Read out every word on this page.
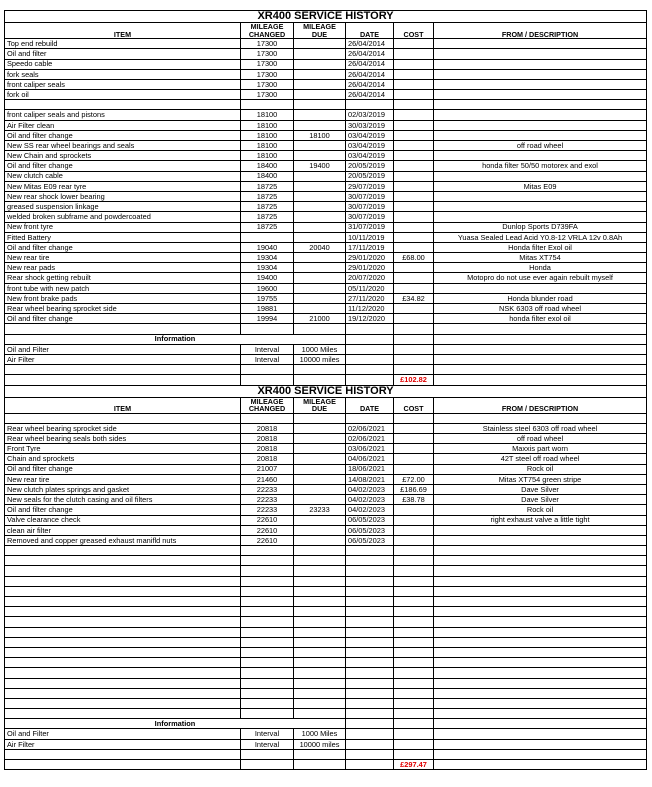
XR400 SERVICE HISTORY					
ITEM	MILEAGE CHANGED	MILEAGE DUE	DATE	COST	FROM / DESCRIPTION
Top end rebuild	17300		26/04/2014		
Oil and filter	17300		26/04/2014		
Speedo cable	17300		26/04/2014		
fork seals	17300		26/04/2014		
front caliper seals	17300		26/04/2014		
fork oil	17300		26/04/2014		

front caliper seals and pistons	18100		02/03/2019		
Air Filter clean	18100		30/03/2019		
Oil and filter change	18100	18100	03/04/2019		
New SS rear wheel bearings and seals	18100		03/04/2019		off road wheel
New Chain and sprockets	18100		03/04/2019		
Oil and filter change	18400	19400	20/05/2019		honda filter 50/50 motorex and exol
New clutch cable	18400		20/05/2019		
New Mitas E09 rear tyre	18725		29/07/2019		Mitas E09
New rear shock lower bearing	18725		30/07/2019		
greased suspension linkage	18725		30/07/2019		
welded broken subframe and powdercoated	18725		30/07/2019		
New front tyre	18725		31/07/2019		Dunlop Sports D739FA
Fitted Battery			10/11/2019		Yuasa Sealed Lead Acid Y0.8-12 VRLA 12v 0.8Ah
Oil and filter change	19040	20040	17/11/2019		Honda filter Exol oil
New rear tire	19304		29/01/2020	£68.00	Mitas XT754
New rear pads	19304		29/01/2020		Honda
Rear shock getting rebuilt	19400		20/07/2020		Motopro do not use ever again rebuilt myself
front tube with new patch	19600		05/11/2020		
New front brake pads	19755		27/11/2020	£34.82	Honda blunder road
Rear wheel bearing sprocket side	19881		11/12/2020		NSK 6303 off road wheel
Oil and filter change	19994	21000	19/12/2020		honda filter exol oil

Information					
Oil and Filter	Interval	1000 Miles			
Air Filter	Interval	10000 miles			

				£102.82	
XR400 SERVICE HISTORY					
ITEM	MILEAGE CHANGED	MILEAGE DUE	DATE	COST	FROM / DESCRIPTION

Rear wheel bearing sprocket side	20818		02/06/2021		Stainless steel 6303 off road wheel
Rear wheel bearing seals both sides	20818		02/06/2021		off road wheel
Front Tyre	20818		03/06/2021		Maxxis part worn
Chain and sprockets	20818		04/06/2021		42T steel off road wheel
Oil and filter change	21007		18/06/2021		Rock oil
New rear tire	21460		14/08/2021	£72.00	Mitas XT754 green stripe
New clutch plates springs and gasket	22233		04/02/2023	£186.69	Dave Silver
New seals for the clutch casing and oil filters	22233		04/02/2023	£38.78	Dave Silver
Oil and filter change	22233	23233	04/02/2023		Rock oil
Valve clearance check	22610		06/05/2023		right exhaust valve a little tight
clean air filter	22610		06/05/2023		
Removed and copper greased exhaust manifld nuts	22610		06/05/2023		

Information					
Oil and Filter	Interval	1000 Miles			
Air Filter	Interval	10000 miles			

				£297.47	
